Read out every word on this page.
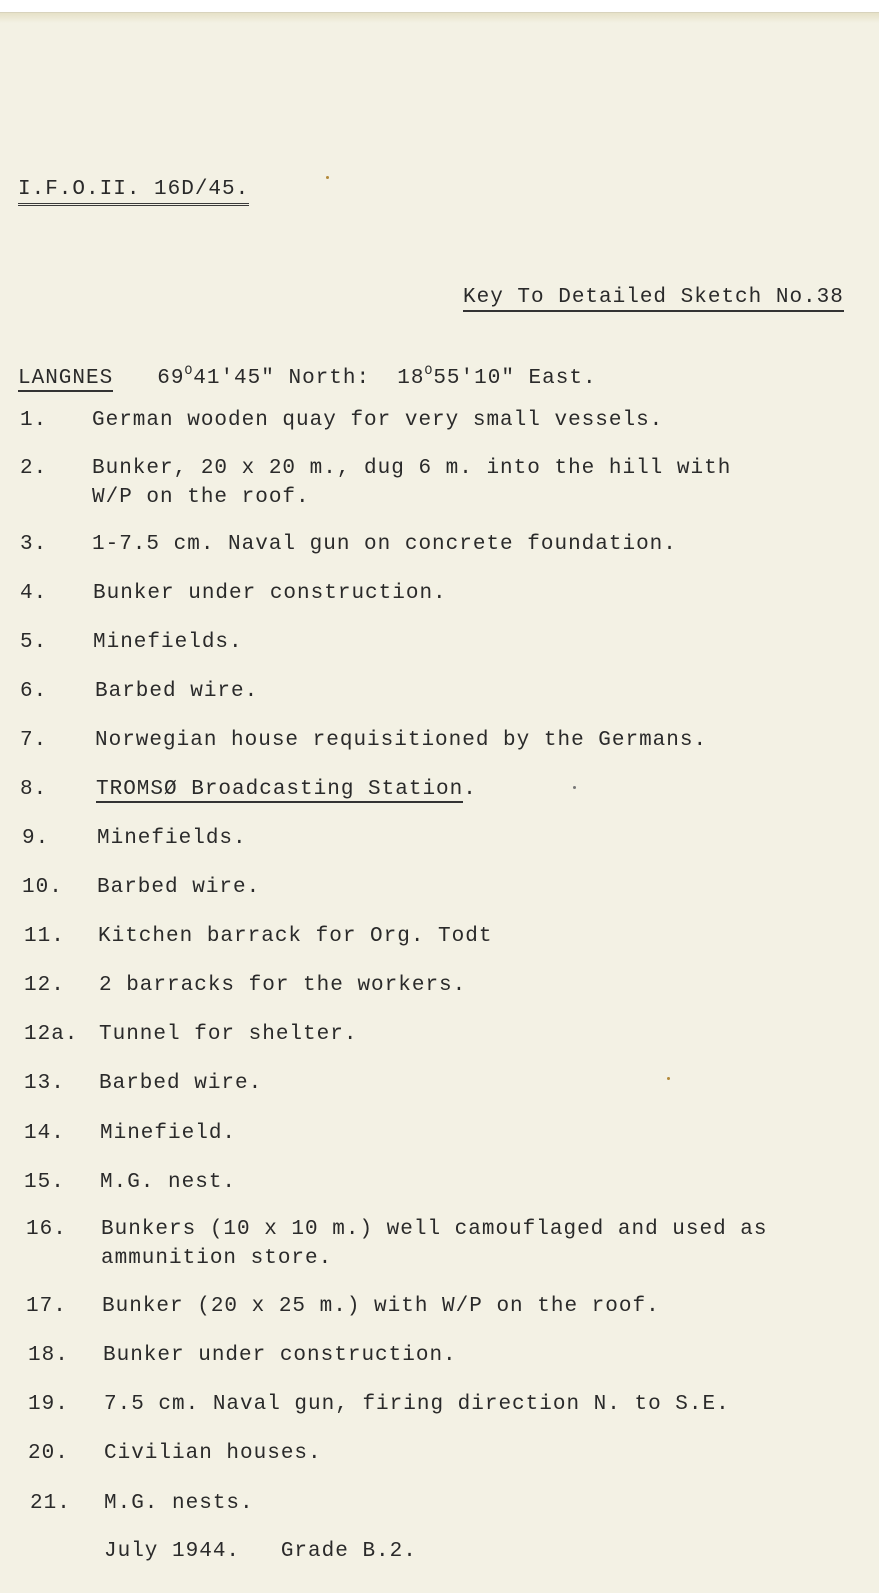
I.F.O.II. 16D/45.
Key To Detailed Sketch No.38
LANGNES $69^O41'45$" North: $18^O55'10$" East.
1. German wooden quay for very small vessels.
2. Bunker, 20 x 20 m., dug 6 m. into the hill with
W/P on the roof.
3. 1-7.5 cm. Naval gun on concrete foundation.
4. Bunker under construction.
5. Minefields.
6. Barbed wire.
7. Norwegian house requisitioned by the Germans.
8. TROMSØ Broadcasting Station.
9. Minefields.
10. Barbed wire.
11. Kitchen barrack for Org. Todt
12. 2 barracks for the workers.
12a. Tunnel for shelter.
13. Barbed wire.
14. Minefield.
15. M.G. nest.
16. Bunkers (10 x 10 m.) well camouflaged and used as
ammunition store.
17. Bunker (20 x 25 m.) with W/P on the roof.
18. Bunker under construction.
19. 7.5 cm. Naval gun, firing direction N. to S.E.
20. Civilian houses.
21. M.G. nests.
July 1944.   Grade B.2.
